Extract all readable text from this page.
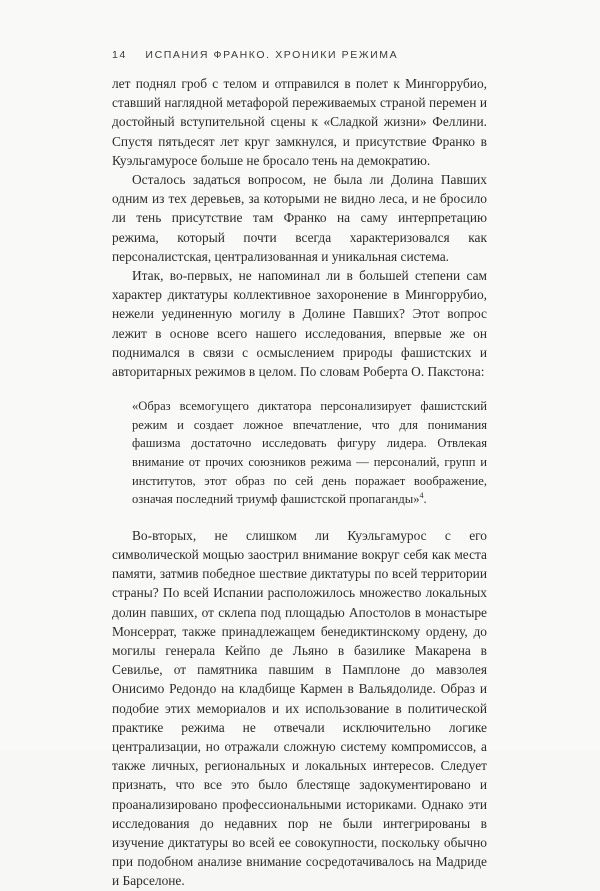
14 ИСПАНИЯ ФРАНКО. ХРОНИКИ РЕЖИМА

лет поднял гроб с телом и отправился в полет к Мингоррубио, ставший наглядной метафорой переживаемых страной перемен и достойный вступительной сцены к «Сладкой жизни» Феллини. Спустя пятьдесят лет круг замкнулся, и присутствие Франко в Куэльгамуросе больше не бросало тень на демократию.

Осталось задаться вопросом, не была ли Долина Павших одним из тех деревьев, за которыми не видно леса, и не бросило ли тень присутствие там Франко на саму интерпретацию режима, который почти всегда характеризовался как персоналистская, централизованная и уникальная система.

Итак, во-первых, не напоминал ли в большей степени сам характер диктатуры коллективное захоронение в Мингоррубио, нежели уединенную могилу в Долине Павших? Этот вопрос лежит в основе всего нашего исследования, впервые же он поднимался в связи с осмыслением природы фашистских и авторитарных режимов в целом. По словам Роберта О. Пакстона:

«Образ всемогущего диктатора персонализирует фашистский режим и создает ложное впечатление, что для понимания фашизма достаточно исследовать фигуру лидера. Отвлекая внимание от прочих союзников режима — персоналий, групп и институтов, этот образ по сей день поражает воображение, означая последний триумф фашистской пропаганды»$^4$.

Во-вторых, не слишком ли Куэльгамурос с его символической мощью заострил внимание вокруг себя как места памяти, затмив победное шествие диктатуры по всей территории страны? По всей Испании расположилось множество локальных долин павших, от склепа под площадью Апостолов в монастыре Монсеррат, также принадлежащем бенедиктинскому ордену, до могилы генерала Кейпо де Льяно в базилике Макарена в Севилье, от памятника павшим в Памплоне до мавзолея Онисимо Редондо на кладбище Кармен в Вальядолиде. Образ и подобие этих мемориалов и их использование в политической практике режима не отвечали исключительно логике централизации, но отражали сложную систему компромиссов, а также личных, региональных и локальных интересов. Следует признать, что все это было блестяще задокументировано и проанализировано профессиональными историками. Однако эти исследования до недавних пор не были интегрированы в изучение диктатуры во всей ее совокупности, поскольку обычно при подобном анализе внимание сосредотачивалось на Мадриде и Барселоне.
